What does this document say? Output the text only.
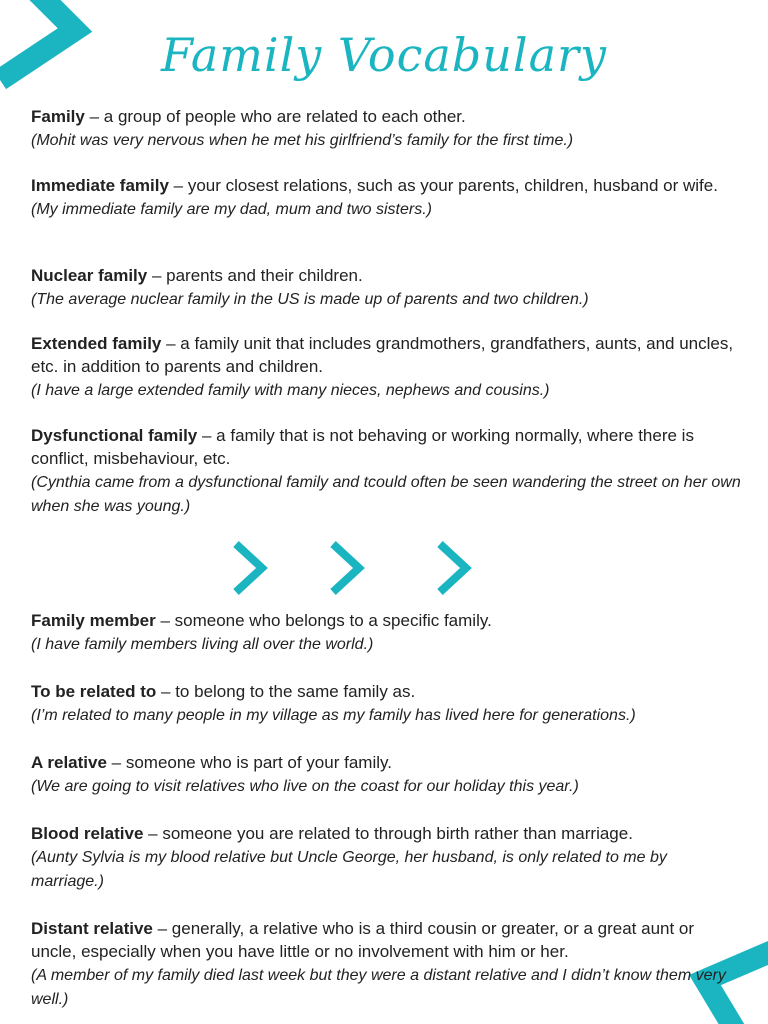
Family Vocabulary
Family – a group of people who are related to each other.
(Mohit was very nervous when he met his girlfriend’s family for the first time.)
Immediate family – your closest relations, such as your parents, children, husband or wife.
(My immediate family are my dad, mum and two sisters.)
Nuclear family – parents and their children.
(The average nuclear family in the US is made up of parents and two children.)
Extended family – a family unit that includes grandmothers, grandfathers, aunts, and uncles, etc. in addition to parents and children.
(I have a large extended family with many nieces, nephews and cousins.)
Dysfunctional family – a family that is not behaving or working normally, where there is conflict, misbehaviour, etc.
(Cynthia came from a dysfunctional family and tcould often be seen wandering the street on her own when she was young.)
Family member – someone who belongs to a specific family.
(I have family members living all over the world.)
To be related to – to belong to the same family as.
(I’m related to many people in my village as my family has lived here for generations.)
A relative – someone who is part of your family.
(We are going to visit relatives who live on the coast for our holiday this year.)
Blood relative – someone you are related to through birth rather than marriage.
(Aunty Sylvia is my blood relative but Uncle George, her husband, is only related to me by marriage.)
Distant relative – generally, a relative who is a third cousin or greater, or a great aunt or uncle, especially when you have little or no involvement with him or her.
(A member of my family died last week but they were a distant relative and I didn’t know them very well.)
